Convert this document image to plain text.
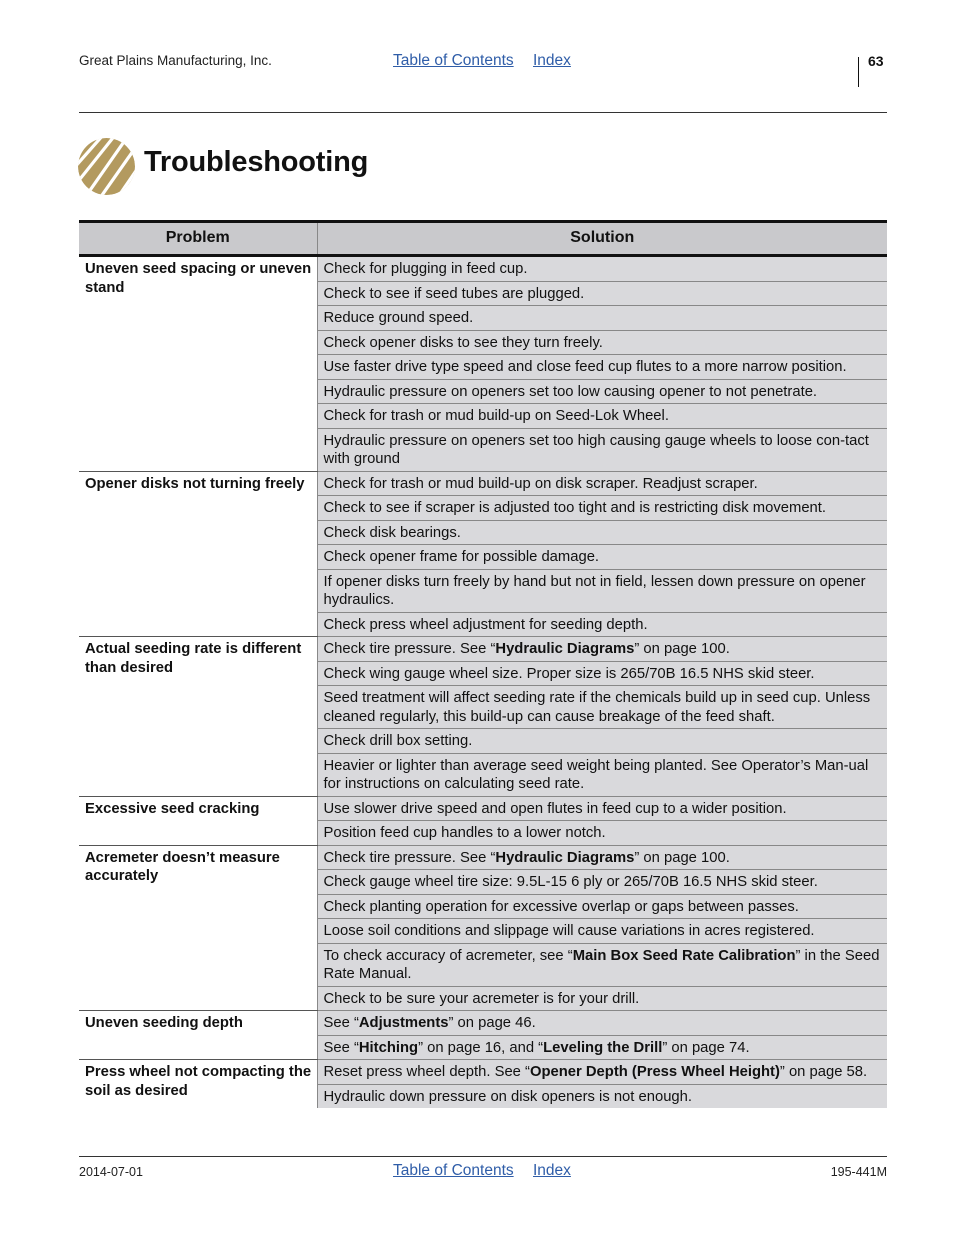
Great Plains Manufacturing, Inc.	Table of Contents Index	63
Troubleshooting
Problem	Solution
Uneven seed spacing or uneven stand	Check for plugging in feed cup.
	Check to see if seed tubes are plugged.
	Reduce ground speed.
	Check opener disks to see they turn freely.
	Use faster drive type speed and close feed cup flutes to a more narrow position.
	Hydraulic pressure on openers set too low causing opener to not penetrate.
	Check for trash or mud build-up on Seed-Lok Wheel.
	Hydraulic pressure on openers set too high causing gauge wheels to loose con-tact with ground
Opener disks not turning freely	Check for trash or mud build-up on disk scraper. Readjust scraper.
	Check to see if scraper is adjusted too tight and is restricting disk movement.
	Check disk bearings.
	Check opener frame for possible damage.
	If opener disks turn freely by hand but not in field, lessen down pressure on opener hydraulics.
	Check press wheel adjustment for seeding depth.
Actual seeding rate is different than desired	Check tire pressure. See “Hydraulic Diagrams” on page 100.
	Check wing gauge wheel size. Proper size is 265/70B 16.5 NHS skid steer.
	Seed treatment will affect seeding rate if the chemicals build up in seed cup. Unless cleaned regularly, this build-up can cause breakage of the feed shaft.
	Check drill box setting.
	Heavier or lighter than average seed weight being planted. See Operator’s Man-ual for instructions on calculating seed rate.
Excessive seed cracking	Use slower drive speed and open flutes in feed cup to a wider position.
	Position feed cup handles to a lower notch.
Acremeter doesn’t measure accurately	Check tire pressure. See “Hydraulic Diagrams” on page 100.
	Check gauge wheel tire size: 9.5L-15 6 ply or 265/70B 16.5 NHS skid steer.
	Check planting operation for excessive overlap or gaps between passes.
	Loose soil conditions and slippage will cause variations in acres registered.
	To check accuracy of acremeter, see “Main Box Seed Rate Calibration” in the Seed Rate Manual.
	Check to be sure your acremeter is for your drill.
Uneven seeding depth	See “Adjustments” on page 46.
	See “Hitching” on page 16, and “Leveling the Drill” on page 74.
Press wheel not compacting the soil as desired	Reset press wheel depth. See “Opener Depth (Press Wheel Height)” on page 58.
	Hydraulic down pressure on disk openers is not enough.
2014-07-01	Table of Contents Index	195-441M
